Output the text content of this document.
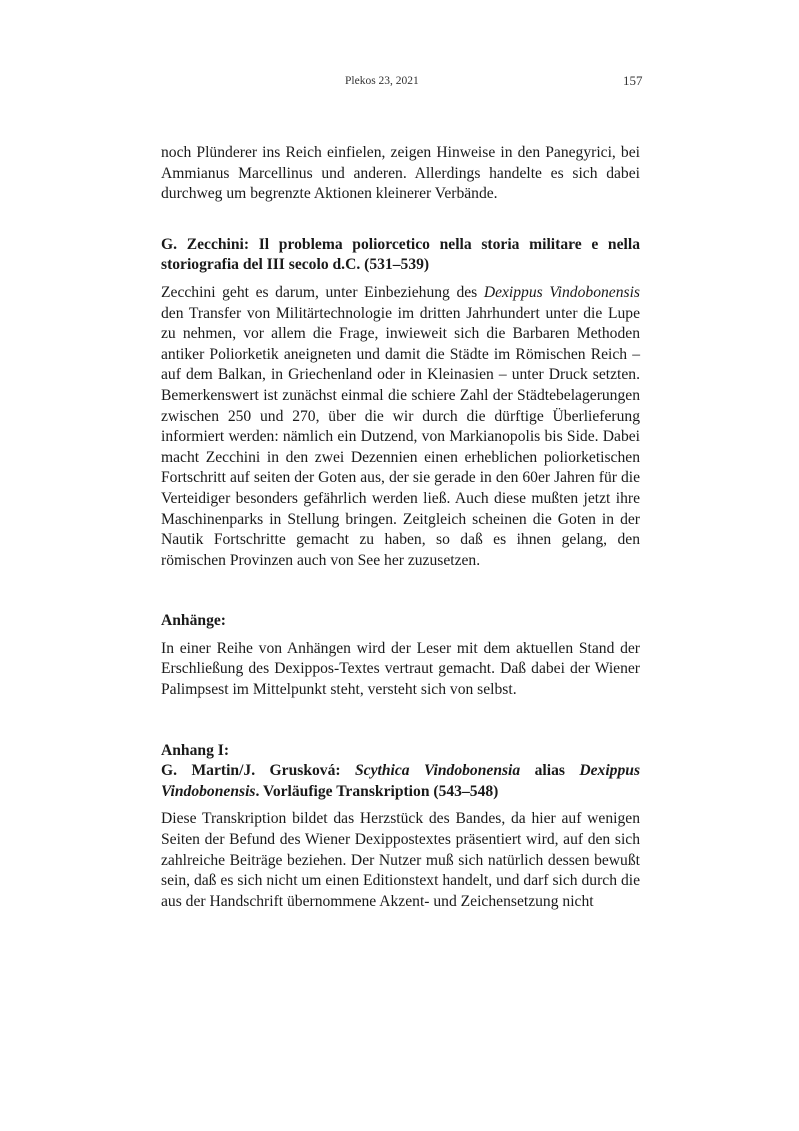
Plekos 23, 2021	157

noch Plünderer ins Reich einfielen, zeigen Hinweise in den Panegyrici, bei Ammianus Marcellinus und anderen. Allerdings handelte es sich dabei durchweg um begrenzte Aktionen kleinerer Verbände.

G. Zecchini: Il problema poliorcetico nella storia militare e nella storiografia del III secolo d.C. (531–539)

Zecchini geht es darum, unter Einbeziehung des Dexippus Vindobonensis den Transfer von Militärtechnologie im dritten Jahrhundert unter die Lupe zu nehmen, vor allem die Frage, inwieweit sich die Barbaren Methoden antiker Poliorketik aneigneten und damit die Städte im Römischen Reich – auf dem Balkan, in Griechenland oder in Kleinasien – unter Druck setzten. Bemerkenswert ist zunächst einmal die schiere Zahl der Städtebelagerungen zwischen 250 und 270, über die wir durch die dürftige Überlieferung informiert werden: nämlich ein Dutzend, von Markianopolis bis Side. Dabei macht Zecchini in den zwei Dezennien einen erheblichen poliorketischen Fortschritt auf seiten der Goten aus, der sie gerade in den 60er Jahren für die Verteidiger besonders gefährlich werden ließ. Auch diese mußten jetzt ihre Maschinenparks in Stellung bringen. Zeitgleich scheinen die Goten in der Nautik Fortschritte gemacht zu haben, so daß es ihnen gelang, den römischen Provinzen auch von See her zuzusetzen.

Anhänge:

In einer Reihe von Anhängen wird der Leser mit dem aktuellen Stand der Erschließung des Dexippos-Textes vertraut gemacht. Daß dabei der Wiener Palimpsest im Mittelpunkt steht, versteht sich von selbst.

Anhang I:

G. Martin/J. Grusková: Scythica Vindobonensia alias Dexippus Vindobonensis. Vorläufige Transkription (543–548)

Diese Transkription bildet das Herzstück des Bandes, da hier auf wenigen Seiten der Befund des Wiener Dexippostextes präsentiert wird, auf den sich zahlreiche Beiträge beziehen. Der Nutzer muß sich natürlich dessen bewußt sein, daß es sich nicht um einen Editionstext handelt, und darf sich durch die aus der Handschrift übernommene Akzent- und Zeichensetzung nicht
